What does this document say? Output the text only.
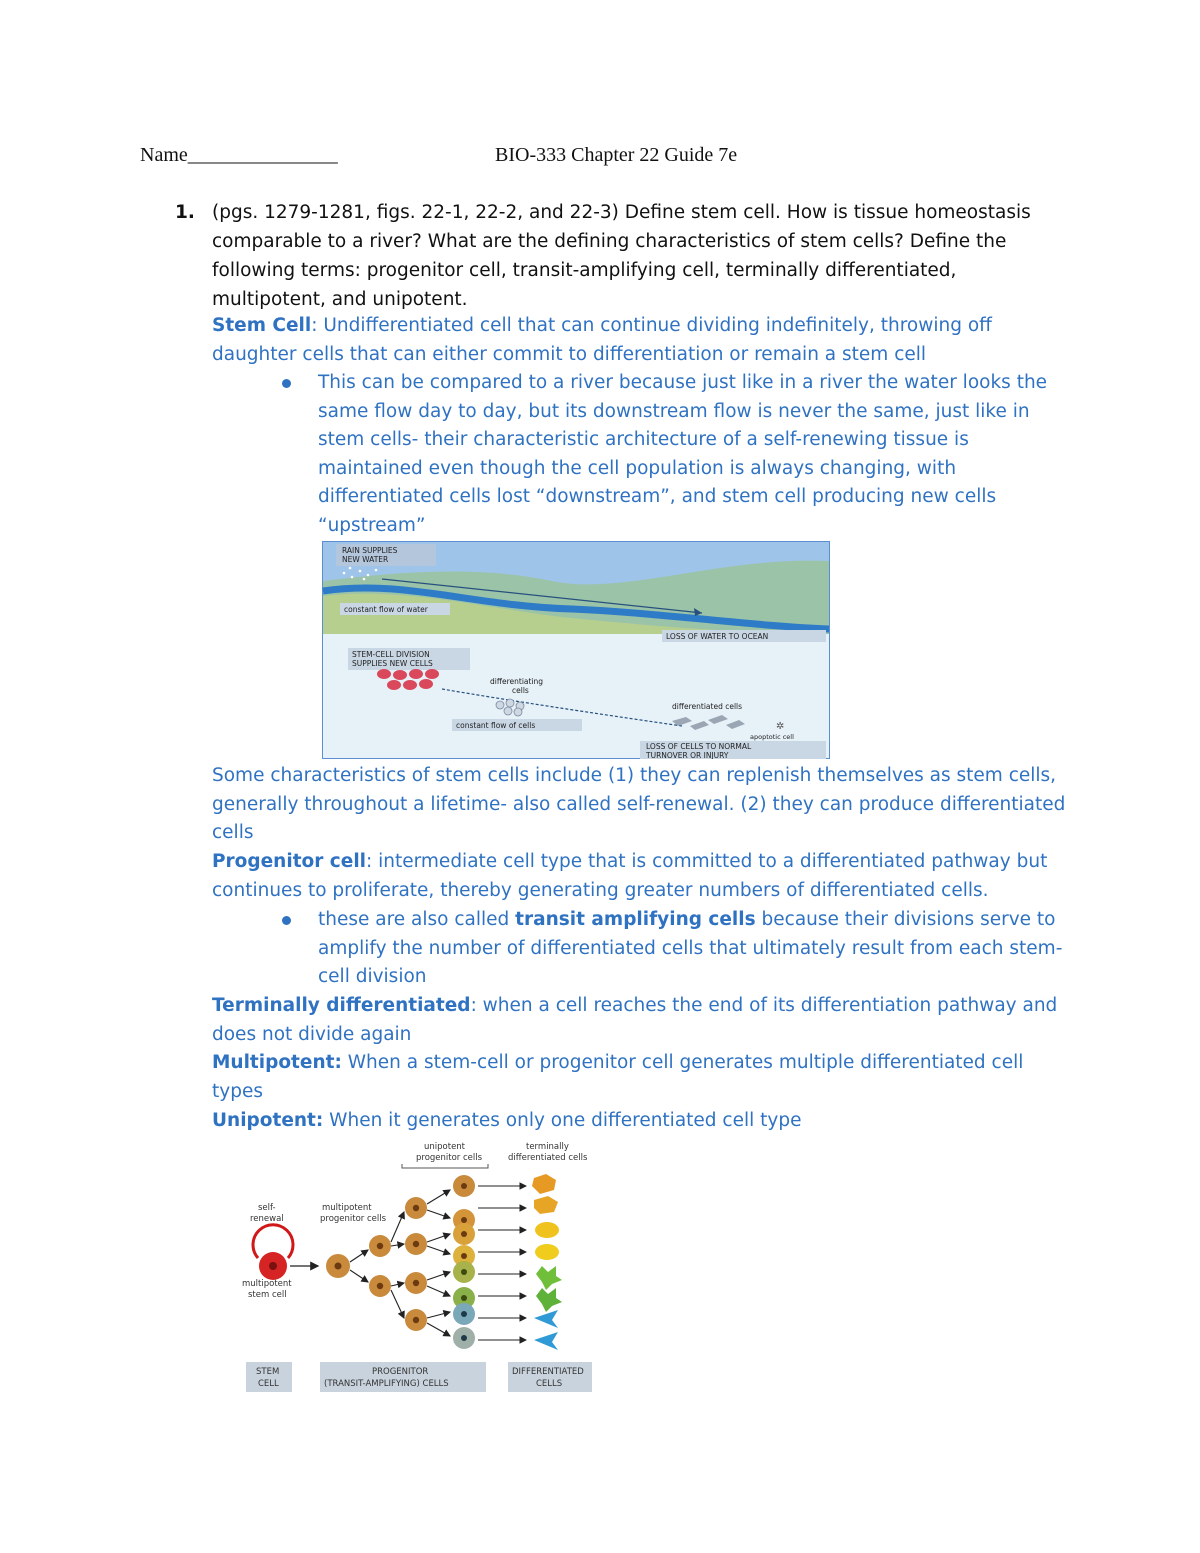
Name_______________	BIO-333 Chapter 22 Guide 7e
1. (pgs. 1279-1281, figs. 22-1, 22-2, and 22-3) Define stem cell. How is tissue homeostasis comparable to a river? What are the defining characteristics of stem cells? Define the following terms: progenitor cell, transit-amplifying cell, terminally differentiated, multipotent, and unipotent.
Stem Cell: Undifferentiated cell that can continue dividing indefinitely, throwing off daughter cells that can either commit to differentiation or remain a stem cell
This can be compared to a river because just like in a river the water looks the same flow day to day, but its downstream flow is never the same, just like in stem cells- their characteristic architecture of a self-renewing tissue is maintained even though the cell population is always changing, with differentiated cells lost “downstream”, and stem cell producing new cells “upstream”
RAIN SUPPLIES
NEW WATER
constant flow of water
LOSS OF WATER TO OCEAN
STEM-CELL DIVISION
SUPPLIES NEW CELLS
differentiating
cells
differentiated cells
✲
apoptotic cell
constant flow of cells
LOSS OF CELLS TO NORMAL
TURNOVER OR INJURY
Some characteristics of stem cells include (1) they can replenish themselves as stem cells, generally throughout a lifetime- also called self-renewal. (2) they can produce differentiated cells
Progenitor cell: intermediate cell type that is committed to a differentiated pathway but continues to proliferate, thereby generating greater numbers of differentiated cells.
these are also called transit amplifying cells because their divisions serve to amplify the number of differentiated cells that ultimately result from each stem-cell division
Terminally differentiated: when a cell reaches the end of its differentiation pathway and does not divide again
Multipotent: When a stem-cell or progenitor cell generates multiple differentiated cell types
Unipotent: When it generates only one differentiated cell type
unipotent
progenitor cells
terminally
differentiated cells
self-
renewal
multipotent
progenitor cells
multipotent
stem cell
STEM
CELL
PROGENITOR
(TRANSIT-AMPLIFYING) CELLS
DIFFERENTIATED
CELLS
